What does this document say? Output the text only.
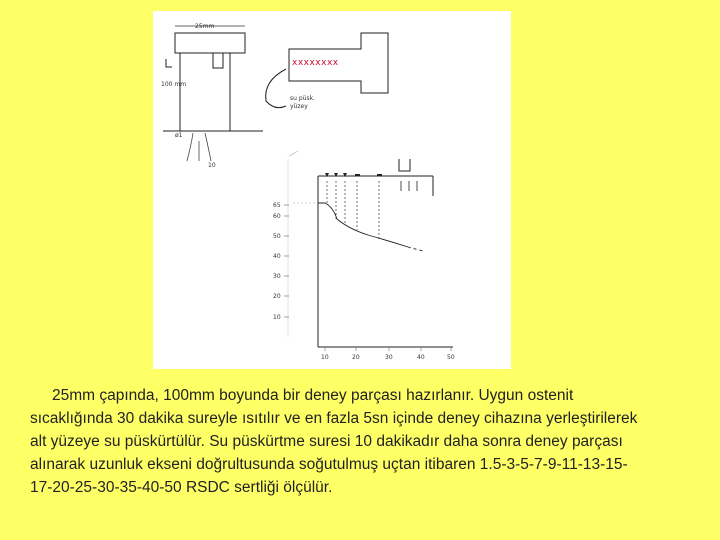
25mm
100 mm
ø1
10
xxxxxxxx
su püsk.
yüzey
65
60
50
40
30
20
10
10	20	30	40	50
25mm çapında, 100mm boyunda bir deney parçası hazırlanır. Uygun ostenit
sıcaklığında 30 dakika sureyle ısıtılır ve en fazla 5sn içinde deney cihazına yerleştirilerek
alt yüzeye su püskürtülür. Su püskürtme suresi 10 dakikadır daha sonra deney parçası
alınarak uzunluk ekseni doğrultusunda soğutulmuş uçtan itibaren 1.5-3-5-7-9-11-13-15-
17-20-25-30-35-40-50 RSDC sertliği ölçülür.
